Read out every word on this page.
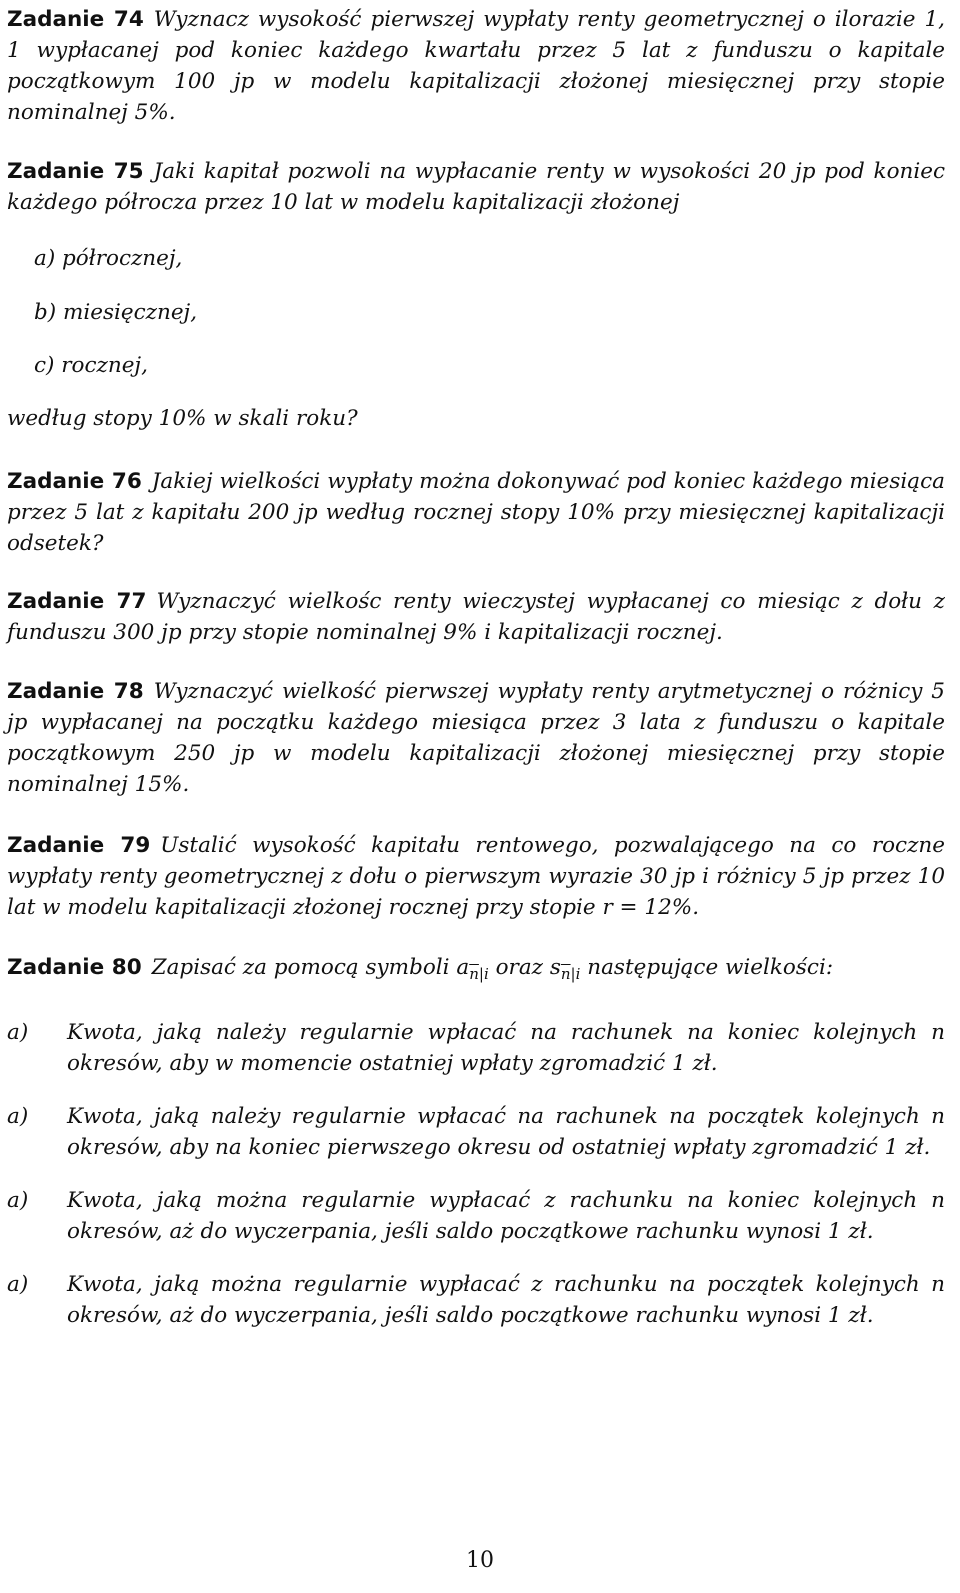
Zadanie 74 Wyznacz wysokość pierwszej wypłaty renty geometrycznej o ilorazie 1, 1 wypłacanej pod koniec każdego kwartału przez 5 lat z funduszu o kapitale początkowym 100 jp w modelu kapitalizacji złożonej miesięcznej przy stopie nominalnej 5%.
Zadanie 75 Jaki kapitał pozwoli na wypłacanie renty w wysokości 20 jp pod koniec każdego półrocza przez 10 lat w modelu kapitalizacji złożonej
a) półrocznej,
b) miesięcznej,
c) rocznej,
według stopy 10% w skali roku?
Zadanie 76 Jakiej wielkości wypłaty można dokonywać pod koniec każdego miesiąca przez 5 lat z kapitału 200 jp według rocznej stopy 10% przy miesięcznej kapitalizacji odsetek?
Zadanie 77 Wyznaczyć wielkośc renty wieczystej wypłacanej co miesiąc z dołu z funduszu 300 jp przy stopie nominalnej 9% i kapitalizacji rocznej.
Zadanie 78 Wyznaczyć wielkość pierwszej wypłaty renty arytmetycznej o różnicy 5 jp wypłacanej na początku każdego miesiąca przez 3 lata z funduszu o kapitale początkowym 250 jp w modelu kapitalizacji złożonej miesięcznej przy stopie nominalnej 15%.
Zadanie 79 Ustalić wysokość kapitału rentowego, pozwalającego na co roczne wypłaty renty geometrycznej z dołu o pierwszym wyrazie 30 jp i różnicy 5 jp przez 10 lat w modelu kapitalizacji złożonej rocznej przy stopie r = 12%.
Zadanie 80 Zapisać za pomocą symboli $a_{\overline{n}|i}$ oraz $s_{\overline{n}|i}$ następujące wielkości:
a) Kwota, jaką należy regularnie wpłacać na rachunek na koniec kolejnych n okresów, aby w momencie ostatniej wpłaty zgromadzić 1 zł.
a) Kwota, jaką należy regularnie wpłacać na rachunek na początek kolejnych n okresów, aby na koniec pierwszego okresu od ostatniej wpłaty zgromadzić 1 zł.
a) Kwota, jaką można regularnie wypłacać z rachunku na koniec kolejnych n okresów, aż do wyczerpania, jeśli saldo początkowe rachunku wynosi 1 zł.
a) Kwota, jaką można regularnie wypłacać z rachunku na początek kolejnych n okresów, aż do wyczerpania, jeśli saldo początkowe rachunku wynosi 1 zł.
10
